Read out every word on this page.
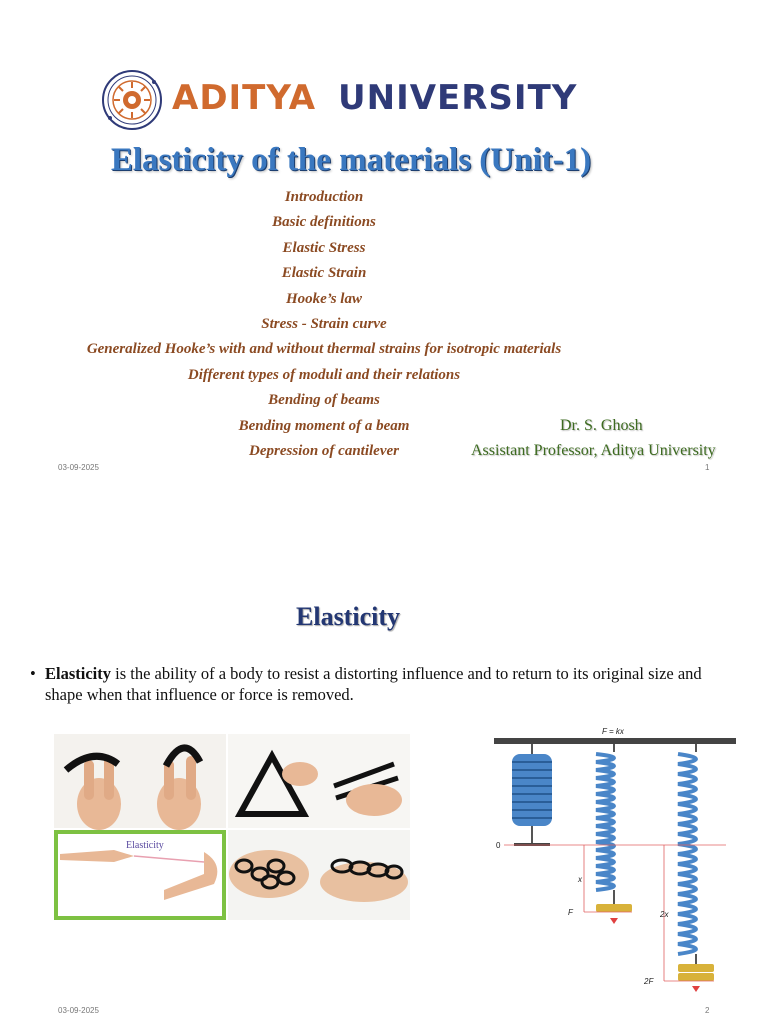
ADITYA UNIVERSITY
Elasticity of the materials (Unit-1)
Introduction
Basic definitions
Elastic Stress
Elastic Strain
Hooke’s law
Stress - Strain curve
Generalized Hooke’s with and without thermal strains for isotropic materials
Different types of moduli and their relations
Bending of beams
Bending moment of a beam
Depression of cantilever
Dr. S. Ghosh
Assistant Professor, Aditya University
03-09-2025	1
Elasticity
• Elasticity is the ability of a body to resist a distorting influence and to return to its original size and shape when that influence or force is removed.
Elasticity
F = kx
0
x
F	2x
2F
03-09-2025	2
